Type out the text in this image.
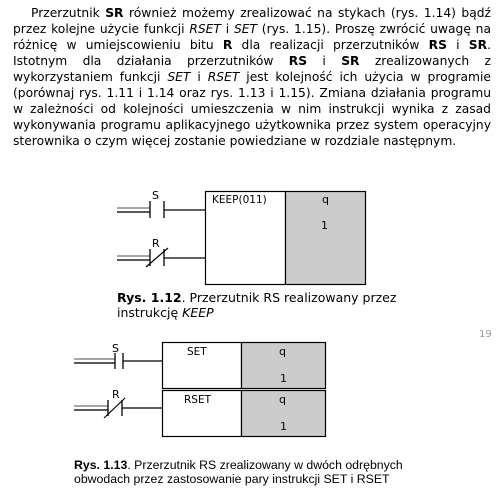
Przerzutnik SR również możemy zrealizować na stykach (rys. 1.14) bądź przez kolejne użycie funkcji RSET i SET (rys. 1.15). Proszę zwrócić uwagę na różnicę w umiejscowieniu bitu R dla realizacji przerzutników RS i SR. Istotnym dla działania przerzutników RS i SR zrealizowanych z wykorzystaniem funkcji SET i RSET jest kolejność ich użycia w programie (porównaj rys. 1.11 i 1.14 oraz rys. 1.13 i 1.15). Zmiana działania programu w zależności od kolejności umieszczenia w nim instrukcji wynika z zasad wykonywania programu aplikacyjnego użytkownika przez system operacyjny sterownika o czym więcej zostanie powiedziane w rozdziale następnym.

S
R
KEEP(011)	q
1
S	SET	q
1
R	RSET	q
1
Rys. 1.12. Przerzutnik RS realizowany przez instrukcję KEEP
19
Rys. 1.13. Przerzutnik RS zrealizowany w dwóch odrębnych obwodach przez zastosowanie pary instrukcji SET i RSET
